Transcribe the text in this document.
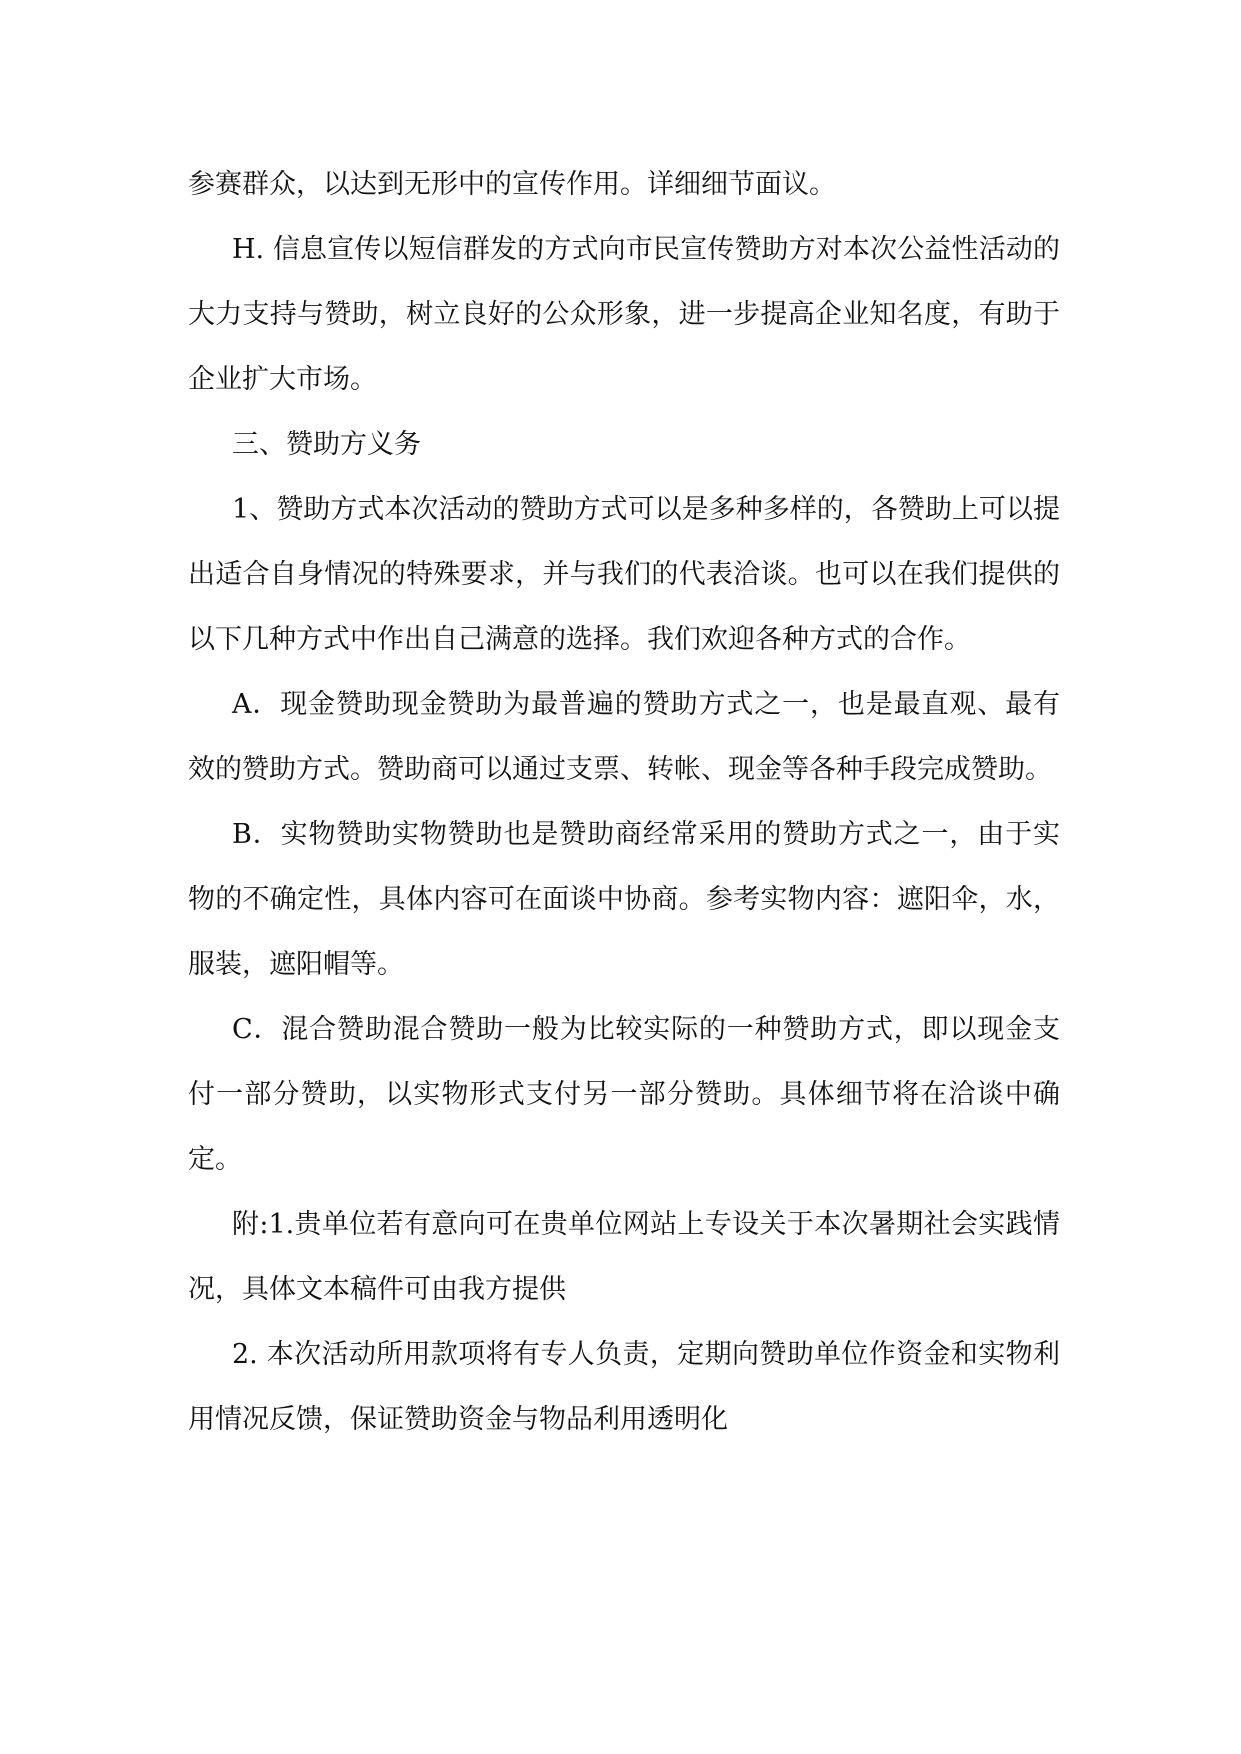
参赛群众，以达到无形中的宣传作用。详细细节面议。

H. 信息宣传以短信群发的方式向市民宣传赞助方对本次公益性活动的大力支持与赞助，树立良好的公众形象，进一步提高企业知名度，有助于企业扩大市场。

三、赞助方义务

1、赞助方式本次活动的赞助方式可以是多种多样的，各赞助上可以提出适合自身情况的特殊要求，并与我们的代表洽谈。也可以在我们提供的以下几种方式中作出自己满意的选择。我们欢迎各种方式的合作。

A．现金赞助现金赞助为最普遍的赞助方式之一，也是最直观、最有效的赞助方式。赞助商可以通过支票、转帐、现金等各种手段完成赞助。

B．实物赞助实物赞助也是赞助商经常采用的赞助方式之一，由于实物的不确定性，具体内容可在面谈中协商。参考实物内容：遮阳伞，水，服装，遮阳帽等。

C．混合赞助混合赞助一般为比较实际的一种赞助方式，即以现金支付一部分赞助，以实物形式支付另一部分赞助。具体细节将在洽谈中确定。

附:1.贵单位若有意向可在贵单位网站上专设关于本次暑期社会实践情况，具体文本稿件可由我方提供

2. 本次活动所用款项将有专人负责，定期向赞助单位作资金和实物利用情况反馈，保证赞助资金与物品利用透明化
